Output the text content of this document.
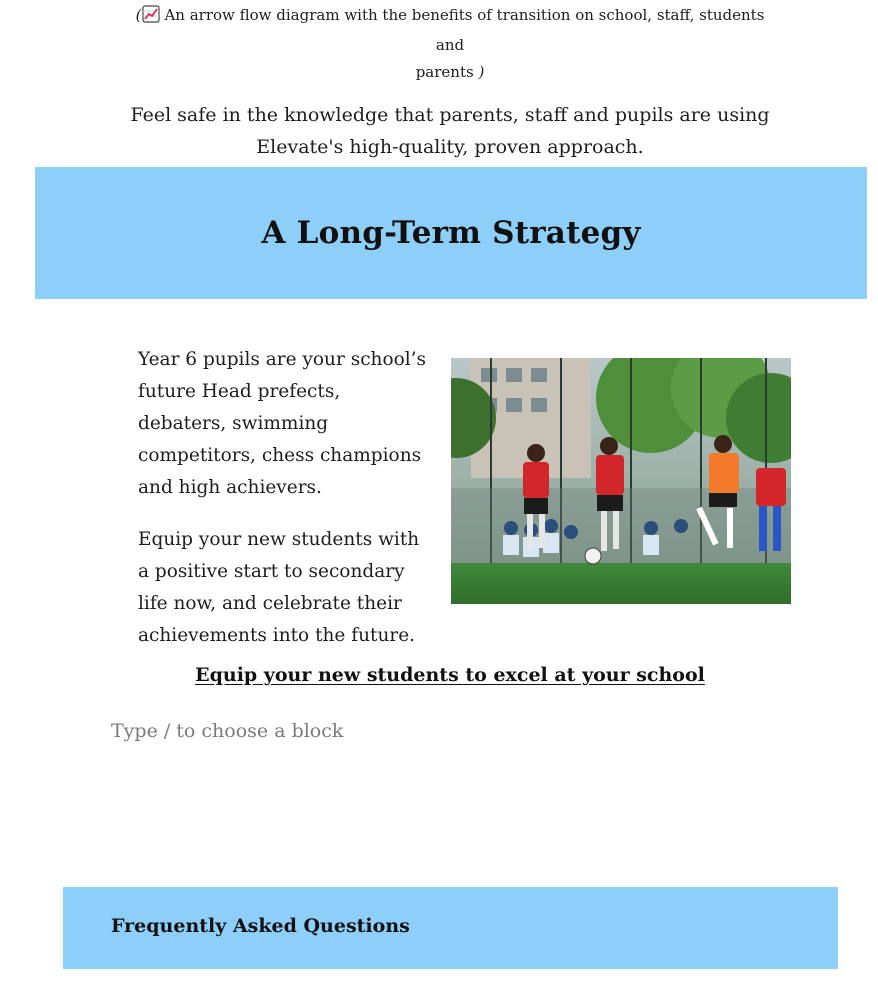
( An arrow flow diagram with the benefits of transition on school, staff, students and
parents )

Feel safe in the knowledge that parents, staff and pupils are using Elevate's high-quality, proven approach.

A Long-Term Strategy

Year 6 pupils are your school’s future Head prefects, debaters, swimming competitors, chess champions and high achievers.

Equip your new students with a positive start to secondary life now, and celebrate their achievements into the future.

Equip your new students to excel at your school
Type / to choose a block
Frequently Asked Questions
